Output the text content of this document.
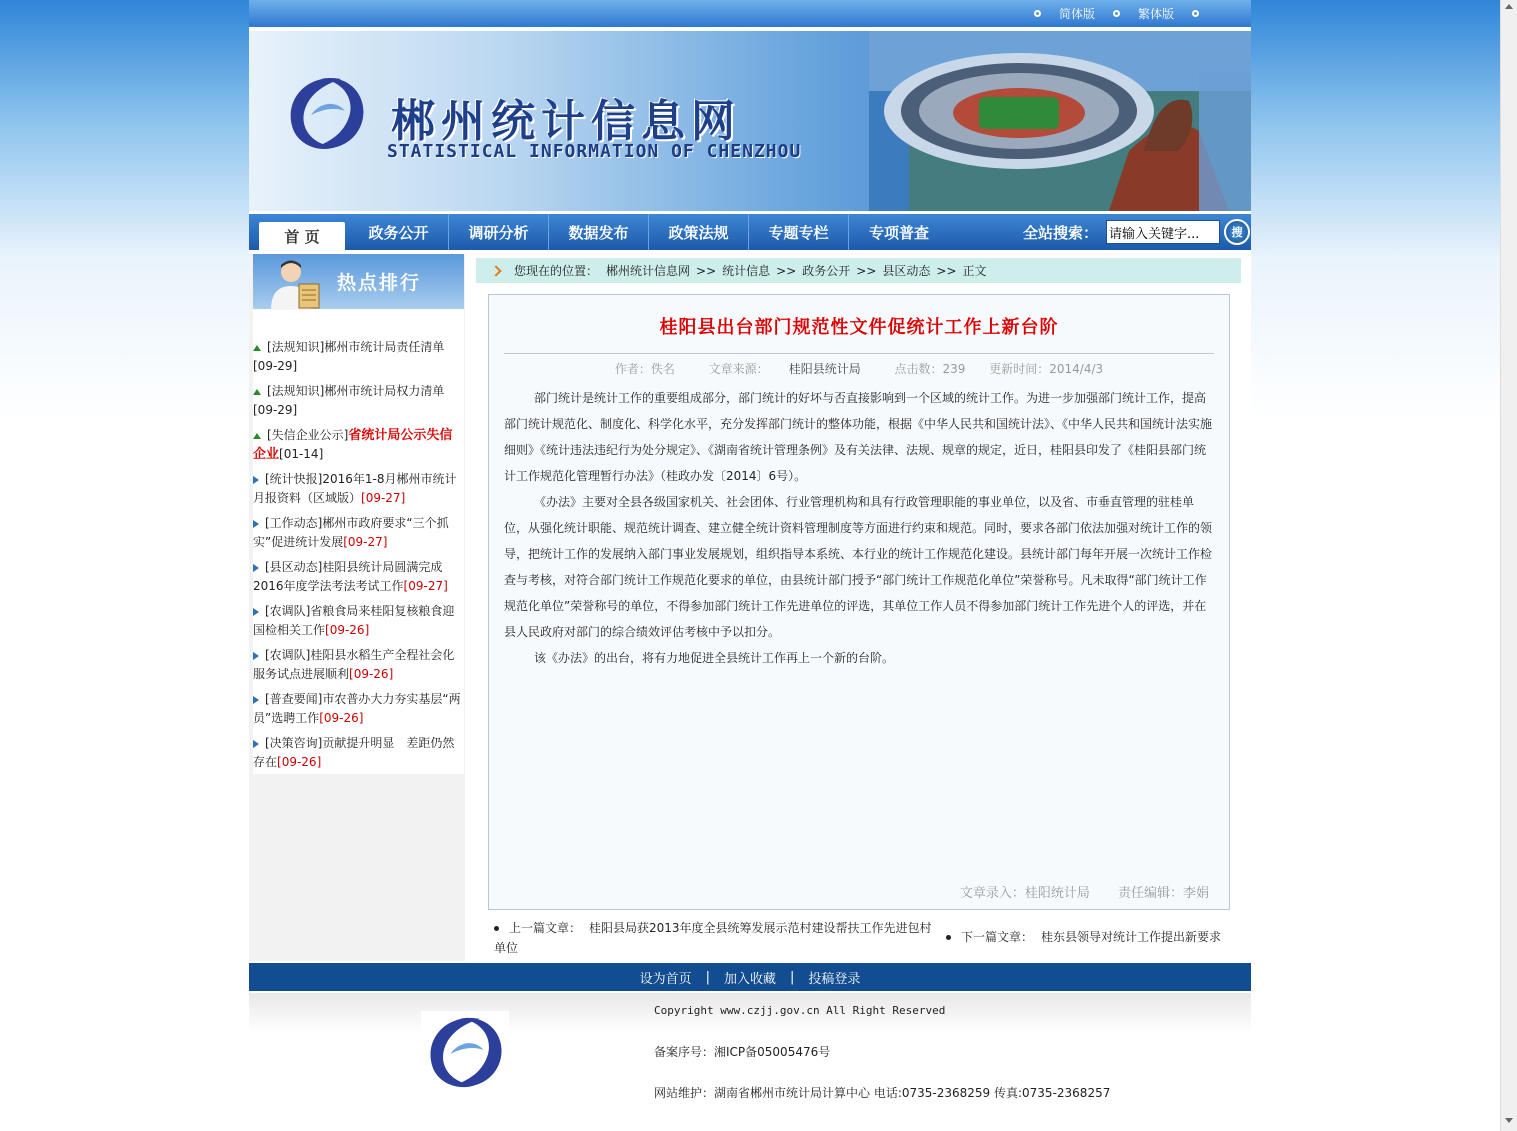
简体版	繁体版
郴州统计信息网
STATISTICAL INFORMATION OF CHENZHOU
首 页	政务公开	调研分析	数据发布	政策法规	专题专栏	专项普查	全站搜索：
请输入关键字...	搜
热点排行
[法规知识]郴州市统计局责任清单
[09-29]
[法规知识]郴州市统计局权力清单
[09-29]
[失信企业公示]省统计局公示失信企业[01-14]
[统计快报]2016年1-8月郴州市统计月报资料（区域版）[09-27]
[工作动态]郴州市政府要求“三个抓实”促进统计发展[09-27]
[县区动态]桂阳县统计局圆满完成2016年度学法考法考试工作[09-27]
[农调队]省粮食局来桂阳复核粮食迎国检相关工作[09-26]
[农调队]桂阳县水稻生产全程社会化服务试点进展顺利[09-26]
[普查要闻]市农普办大力夯实基层“两员”选聘工作[09-26]
[决策咨询]贡献提升明显　差距仍然存在[09-26]
您现在的位置： 郴州统计信息网 >> 统计信息 >> 政务公开 >> 县区动态 >> 正文
桂阳县出台部门规范性文件促统计工作上新台阶
作者：佚名	文章来源： 桂阳县统计局	点击数：239 更新时间：2014/4/3

部门统计是统计工作的重要组成部分，部门统计的好坏与否直接影响到一个区域的统计工作。为进一步加强部门统计工作，提高部门统计规范化、制度化、科学化水平，充分发挥部门统计的整体功能，根据《中华人民共和国统计法》、《中华人民共和国统计法实施细则》《统计违法违纪行为处分规定》、《湖南省统计管理条例》及有关法律、法规、规章的规定，近日，桂阳县印发了《桂阳县部门统计工作规范化管理暂行办法》（桂政办发〔2014〕6号）。

《办法》主要对全县各级国家机关、社会团体、行业管理机构和具有行政管理职能的事业单位，以及省、市垂直管理的驻桂单位，从强化统计职能、规范统计调查、建立健全统计资料管理制度等方面进行约束和规范。同时，要求各部门依法加强对统计工作的领导，把统计工作的发展纳入部门事业发展规划，组织指导本系统、本行业的统计工作规范化建设。县统计部门每年开展一次统计工作检查与考核，对符合部门统计工作规范化要求的单位，由县统计部门授予“部门统计工作规范化单位”荣誉称号。凡未取得“部门统计工作规范化单位”荣誉称号的单位，不得参加部门统计工作先进单位的评选，其单位工作人员不得参加部门统计工作先进个人的评选，并在县人民政府对部门的综合绩效评估考核中予以扣分。

该《办法》的出台，将有力地促进全县统计工作再上一个新的台阶。

文章录入：桂阳统计局 责任编辑：李娟
上一篇文章： 桂阳县局获2013年度全县统筹发展示范村建设帮扶工作先进包村单位
下一篇文章： 桂东县领导对统计工作提出新要求
设为首页 | 加入收藏 | 投稿登录
Copyright www.czjj.gov.cn All Right Reserved
备案序号：湘ICP备05005476号
网站维护：湖南省郴州市统计局计算中心 电话:0735-2368259 传真:0735-2368257
